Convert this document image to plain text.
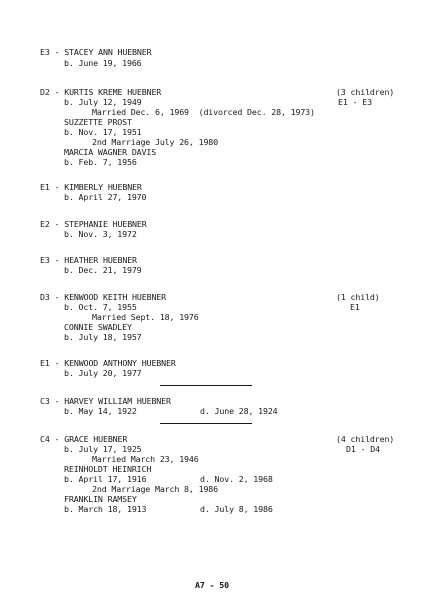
E3 - STACEY ANN HUEBNER
b. June 19, 1966
D2 - KURTIS KREME HUEBNER	(3 children)
b. July 12, 1949	E1 - E3
Married Dec. 6, 1969  (divorced Dec. 28, 1973)
SUZZETTE PROST
b. Nov. 17, 1951
2nd Marriage July 26, 1980
MARCIA WAGNER DAVIS
b. Feb. 7, 1956
E1 - KIMBERLY HUEBNER
b. April 27, 1970
E2 - STEPHANIE HUEBNER
b. Nov. 3, 1972
E3 - HEATHER HUEBNER
b. Dec. 21, 1979
D3 - KENWOOD KEITH HUEBNER	(1 child)
b. Oct. 7, 1955	E1
Married Sept. 18, 1976
CONNIE SWADLEY
b. July 18, 1957
E1 - KENWOOD ANTHONY HUEBNER
b. July 20, 1977
C3 - HARVEY WILLIAM HUEBNER
b. May 14, 1922	d. June 28, 1924
C4 - GRACE HUEBNER	(4 children)
b. July 17, 1925	D1 - D4
Married March 23, 1946
REINHOLDT HEINRICH
b. April 17, 1916	d. Nov. 2, 1968
2nd Marriage March 8, 1986
FRANKLIN RAMSEY
b. March 18, 1913	d. July 8, 1986
A7 - 50
